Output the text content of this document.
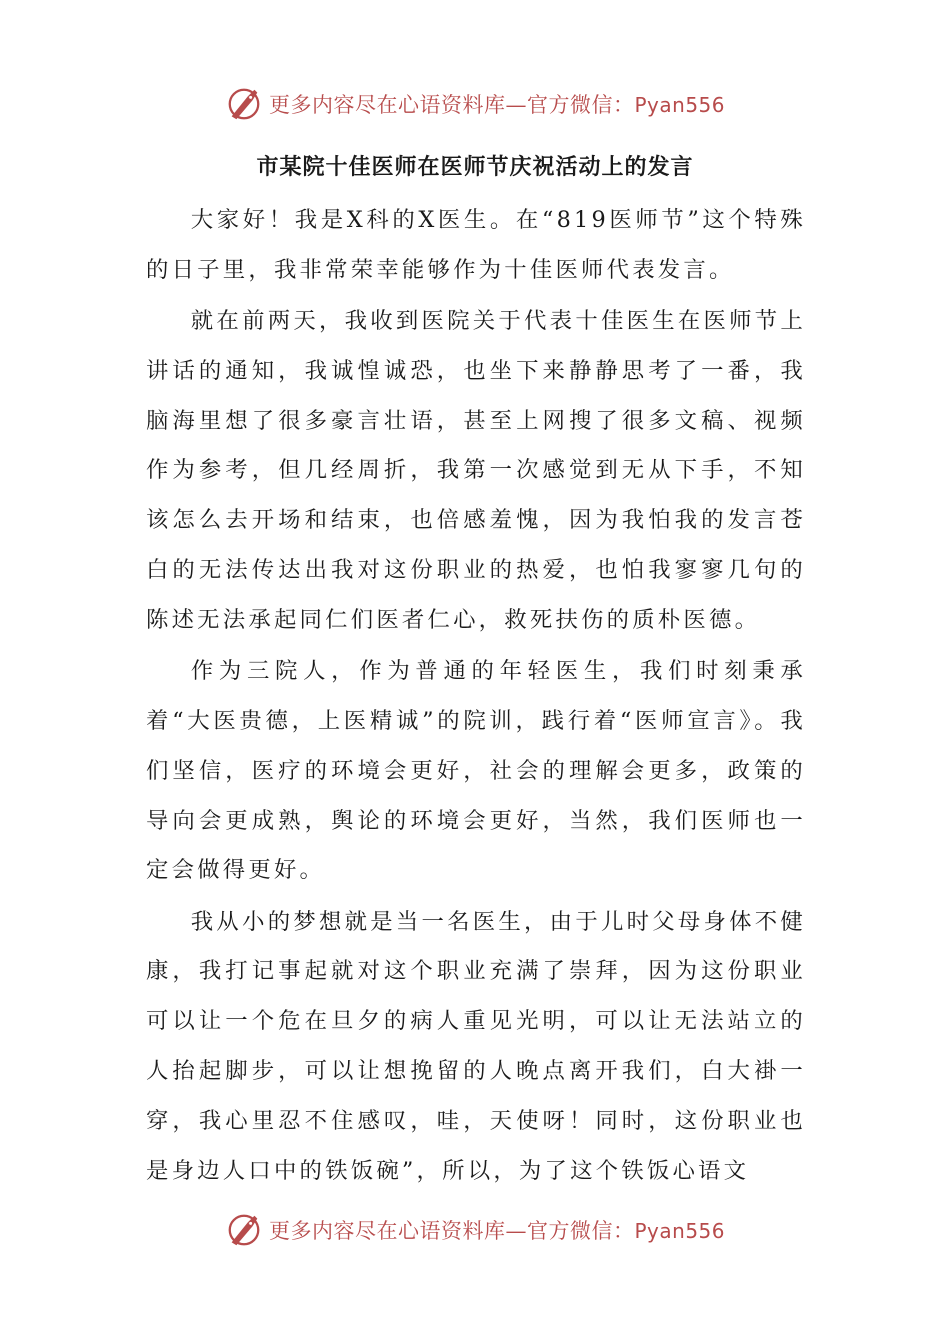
更多内容尽在心语资料库—官方微信：Pyan556
市某院十佳医师在医师节庆祝活动上的发言

大家好！我是X科的X医生。在“819医师节”这个特殊的日子里，我非常荣幸能够作为十佳医师代表发言。

就在前两天，我收到医院关于代表十佳医生在医师节上讲话的通知，我诚惶诚恐，也坐下来静静思考了一番，我脑海里想了很多豪言壮语，甚至上网搜了很多文稿、视频作为参考，但几经周折，我第一次感觉到无从下手，不知该怎么去开场和结束，也倍感羞愧，因为我怕我的发言苍白的无法传达出我对这份职业的热爱，也怕我寥寥几句的陈述无法承起同仁们医者仁心，救死扶伤的质朴医德。

作为三院人，作为普通的年轻医生，我们时刻秉承着“大医贵德，上医精诚”的院训，践行着“医师宣言》。我们坚信，医疗的环境会更好，社会的理解会更多，政策的导向会更成熟，舆论的环境会更好，当然，我们医师也一定会做得更好。

我从小的梦想就是当一名医生，由于儿时父母身体不健康，我打记事起就对这个职业充满了崇拜，因为这份职业可以让一个危在旦夕的病人重见光明，可以让无法站立的人抬起脚步，可以让想挽留的人晚点离开我们，白大褂一穿，我心里忍不住感叹，哇，天使呀！同时，这份职业也是身边人口中的铁饭碗”，所以，为了这个铁饭心语文

更多内容尽在心语资料库—官方微信：Pyan556
